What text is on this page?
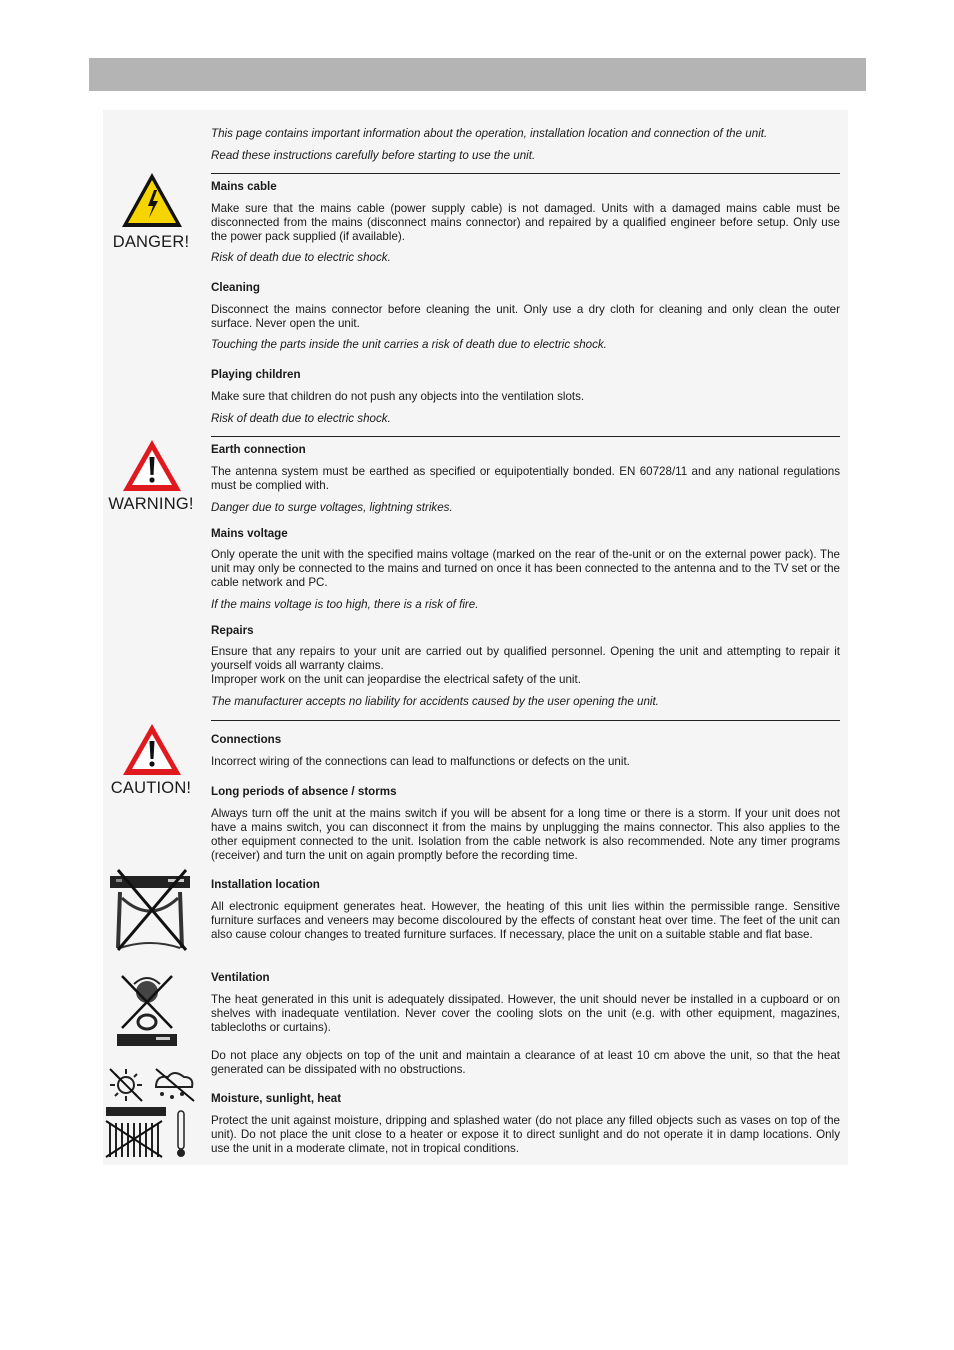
This page contains important information about the operation, installation location and connection of the unit.

Read these instructions carefully before starting to use the unit.

DANGER!

Mains cable

Make sure that the mains cable (power supply cable) is not damaged. Units with a damaged mains cable must be disconnected from the mains (disconnect mains connector) and repaired by a qualified engineer before setup. Only use the power pack supplied (if available).

Risk of death due to electric shock.

Cleaning

Disconnect the mains connector before cleaning the unit. Only use a dry cloth for cleaning and only clean the outer surface. Never open the unit.

Touching the parts inside the unit carries a risk of death due to electric shock.

Playing children

Make sure that children do not push any objects into the ventilation slots.

Risk of death due to electric shock.

WARNING!

Earth connection

The antenna system must be earthed as specified or equipotentially bonded. EN 60728/11 and any national regulations must be complied with.

Danger due to surge voltages, lightning strikes.

Mains voltage

Only operate the unit with the specified mains voltage (marked on the rear of the-unit or on the external power pack). The unit may only be connected to the mains and turned on once it has been connected to the antenna and to the TV set or the cable network and PC.

If the mains voltage is too high, there is a risk of fire.

Repairs

Ensure that any repairs to your unit are carried out by qualified personnel. Opening the unit and attempting to repair it yourself voids all warranty claims.

Improper work on the unit can jeopardise the electrical safety of the unit.

The manufacturer accepts no liability for accidents caused by the user opening the unit.

CAUTION!

Connections

Incorrect wiring of the connections can lead to malfunctions or defects on the unit.

Long periods of absence / storms

Always turn off the unit at the mains switch if you will be absent for a long time or there is a storm. If your unit does not have a mains switch, you can disconnect it from the mains by unplugging the mains connector. This also applies to the other equipment connected to the unit. Isolation from the cable network is also recommended. Note any timer programs (receiver) and turn the unit on again promptly before the recording time.

Installation location

All electronic equipment generates heat. However, the heating of this unit lies within the permissible range. Sensitive furniture surfaces and veneers may become discoloured by the effects of constant heat over time. The feet of the unit can also cause colour changes to treated furniture surfaces. If necessary, place the unit on a suitable stable and flat base.

Ventilation

The heat generated in this unit is adequately dissipated. However, the unit should never be installed in a cupboard or on shelves with inadequate ventilation. Never cover the cooling slots on the unit (e.g. with other equipment, magazines, tablecloths or curtains).

Do not place any objects on top of the unit and maintain a clearance of at least 10 cm above the unit, so that the heat generated can be dissipated with no obstructions.

Moisture, sunlight, heat

Protect the unit against moisture, dripping and splashed water (do not place any filled objects such as vases on top of the unit). Do not place the unit close to a heater or expose it to direct sunlight and do not operate it in damp locations. Only use the unit in a moderate climate, not in tropical conditions.
